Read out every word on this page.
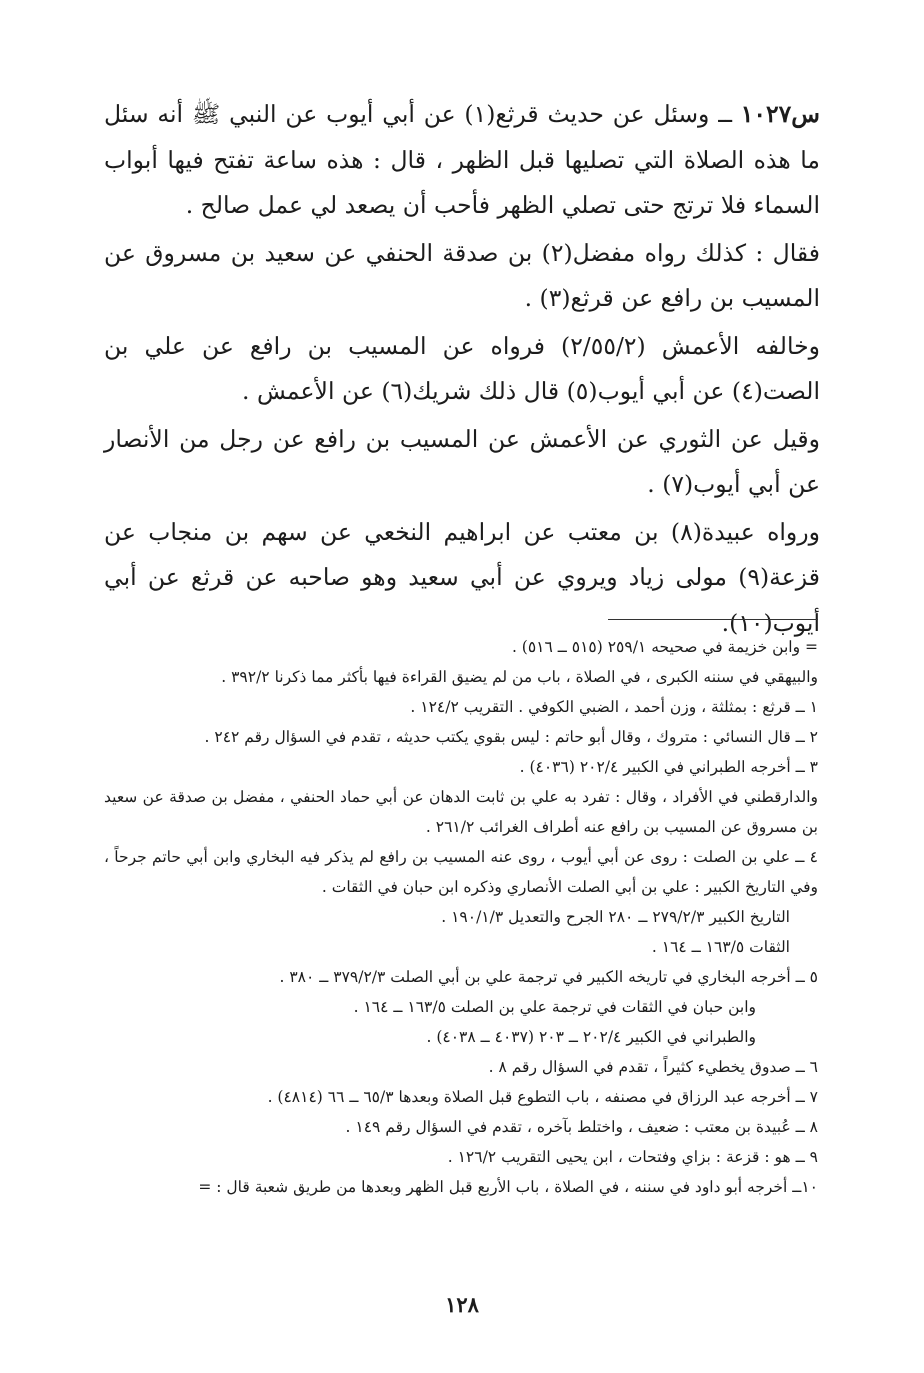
س١٠٢٧ ــ وسئل عن حديث قرثع(١) عن أبي أيوب عن النبي ﷺ أنه سئل ما هذه الصلاة التي تصليها قبل الظهر ، قال : هذه ساعة تفتح فيها أبواب السماء فلا ترتج حتى تصلي الظهر فأحب أن يصعد لي عمل صالح .

فقال : كذلك رواه مفضل(٢) بن صدقة الحنفي عن سعيد بن مسروق عن المسيب بن رافع عن قرثع(٣) .

وخالفه الأعمش (٢/٥٥/٢) فرواه عن المسيب بن رافع عن علي بن الصت(٤) عن أبي أيوب(٥) قال ذلك شريك(٦) عن الأعمش .

وقيل عن الثوري عن الأعمش عن المسيب بن رافع عن رجل من الأنصار عن أبي أيوب(٧) .

ورواه عبيدة(٨) بن معتب عن ابراهيم النخعي عن سهم بن منجاب عن قزعة(٩) مولى زياد ويروي عن أبي سعيد وهو صاحبه عن قرثع عن أبي أيوب(١٠).

= وابن خزيمة في صحيحه ٢٥٩/١ (٥١٥ ــ ٥١٦) .

والبيهقي في سننه الكبرى ، في الصلاة ، باب من لم يضيق القراءة فيها بأكثر مما ذكرنا ٣٩٢/٢ .

١ ــ قرثع : بمثلثة ، وزن أحمد ، الضبي الكوفي . التقريب ١٢٤/٢ .

٢ ــ قال النسائي : متروك ، وقال أبو حاتم : ليس بقوي يكتب حديثه ، تقدم في السؤال رقم ٢٤٢ .

٣ ــ أخرجه الطبراني في الكبير ٢٠٢/٤ (٤٠٣٦) .

والدارقطني في الأفراد ، وقال : تفرد به علي بن ثابت الدهان عن أبي حماد الحنفي ، مفضل بن صدقة عن سعيد بن مسروق عن المسيب بن رافع عنه أطراف الغرائب ٢٦١/٢ .

٤ ــ علي بن الصلت : روى عن أبي أيوب ، روى عنه المسيب بن رافع لم يذكر فيه البخاري وابن أبي حاتم جرحاً ، وفي التاريخ الكبير : علي بن أبي الصلت الأنصاري وذكره ابن حبان في الثقات .

التاريخ الكبير ٢٧٩/٢/٣ ــ ٢٨٠ الجرح والتعديل ١٩٠/١/٣ .

الثقات ١٦٣/٥ ــ ١٦٤ .

٥ ــ أخرجه البخاري في تاريخه الكبير في ترجمة علي بن أبي الصلت ٣٧٩/٢/٣ ــ ٣٨٠ .

وابن حبان في الثقات في ترجمة علي بن الصلت ١٦٣/٥ ــ ١٦٤ .

والطبراني في الكبير ٢٠٢/٤ ــ ٢٠٣ (٤٠٣٧ ــ ٤٠٣٨) .

٦ ــ صدوق يخطيء كثيراً ، تقدم في السؤال رقم ٨ .

٧ ــ أخرجه عبد الرزاق في مصنفه ، باب التطوع قبل الصلاة وبعدها ٦٥/٣ ــ ٦٦ (٤٨١٤) .

٨ ــ عُبيدة بن معتب : ضعيف ، واختلط بآخره ، تقدم في السؤال رقم ١٤٩ .

٩ ــ هو : قزعة : بزاي وفتحات ، ابن يحيى التقريب ١٢٦/٢ .

١٠ــ أخرجه أبو داود في سننه ، في الصلاة ، باب الأربع قبل الظهر وبعدها من طريق شعبة قال : =

١٢٨
